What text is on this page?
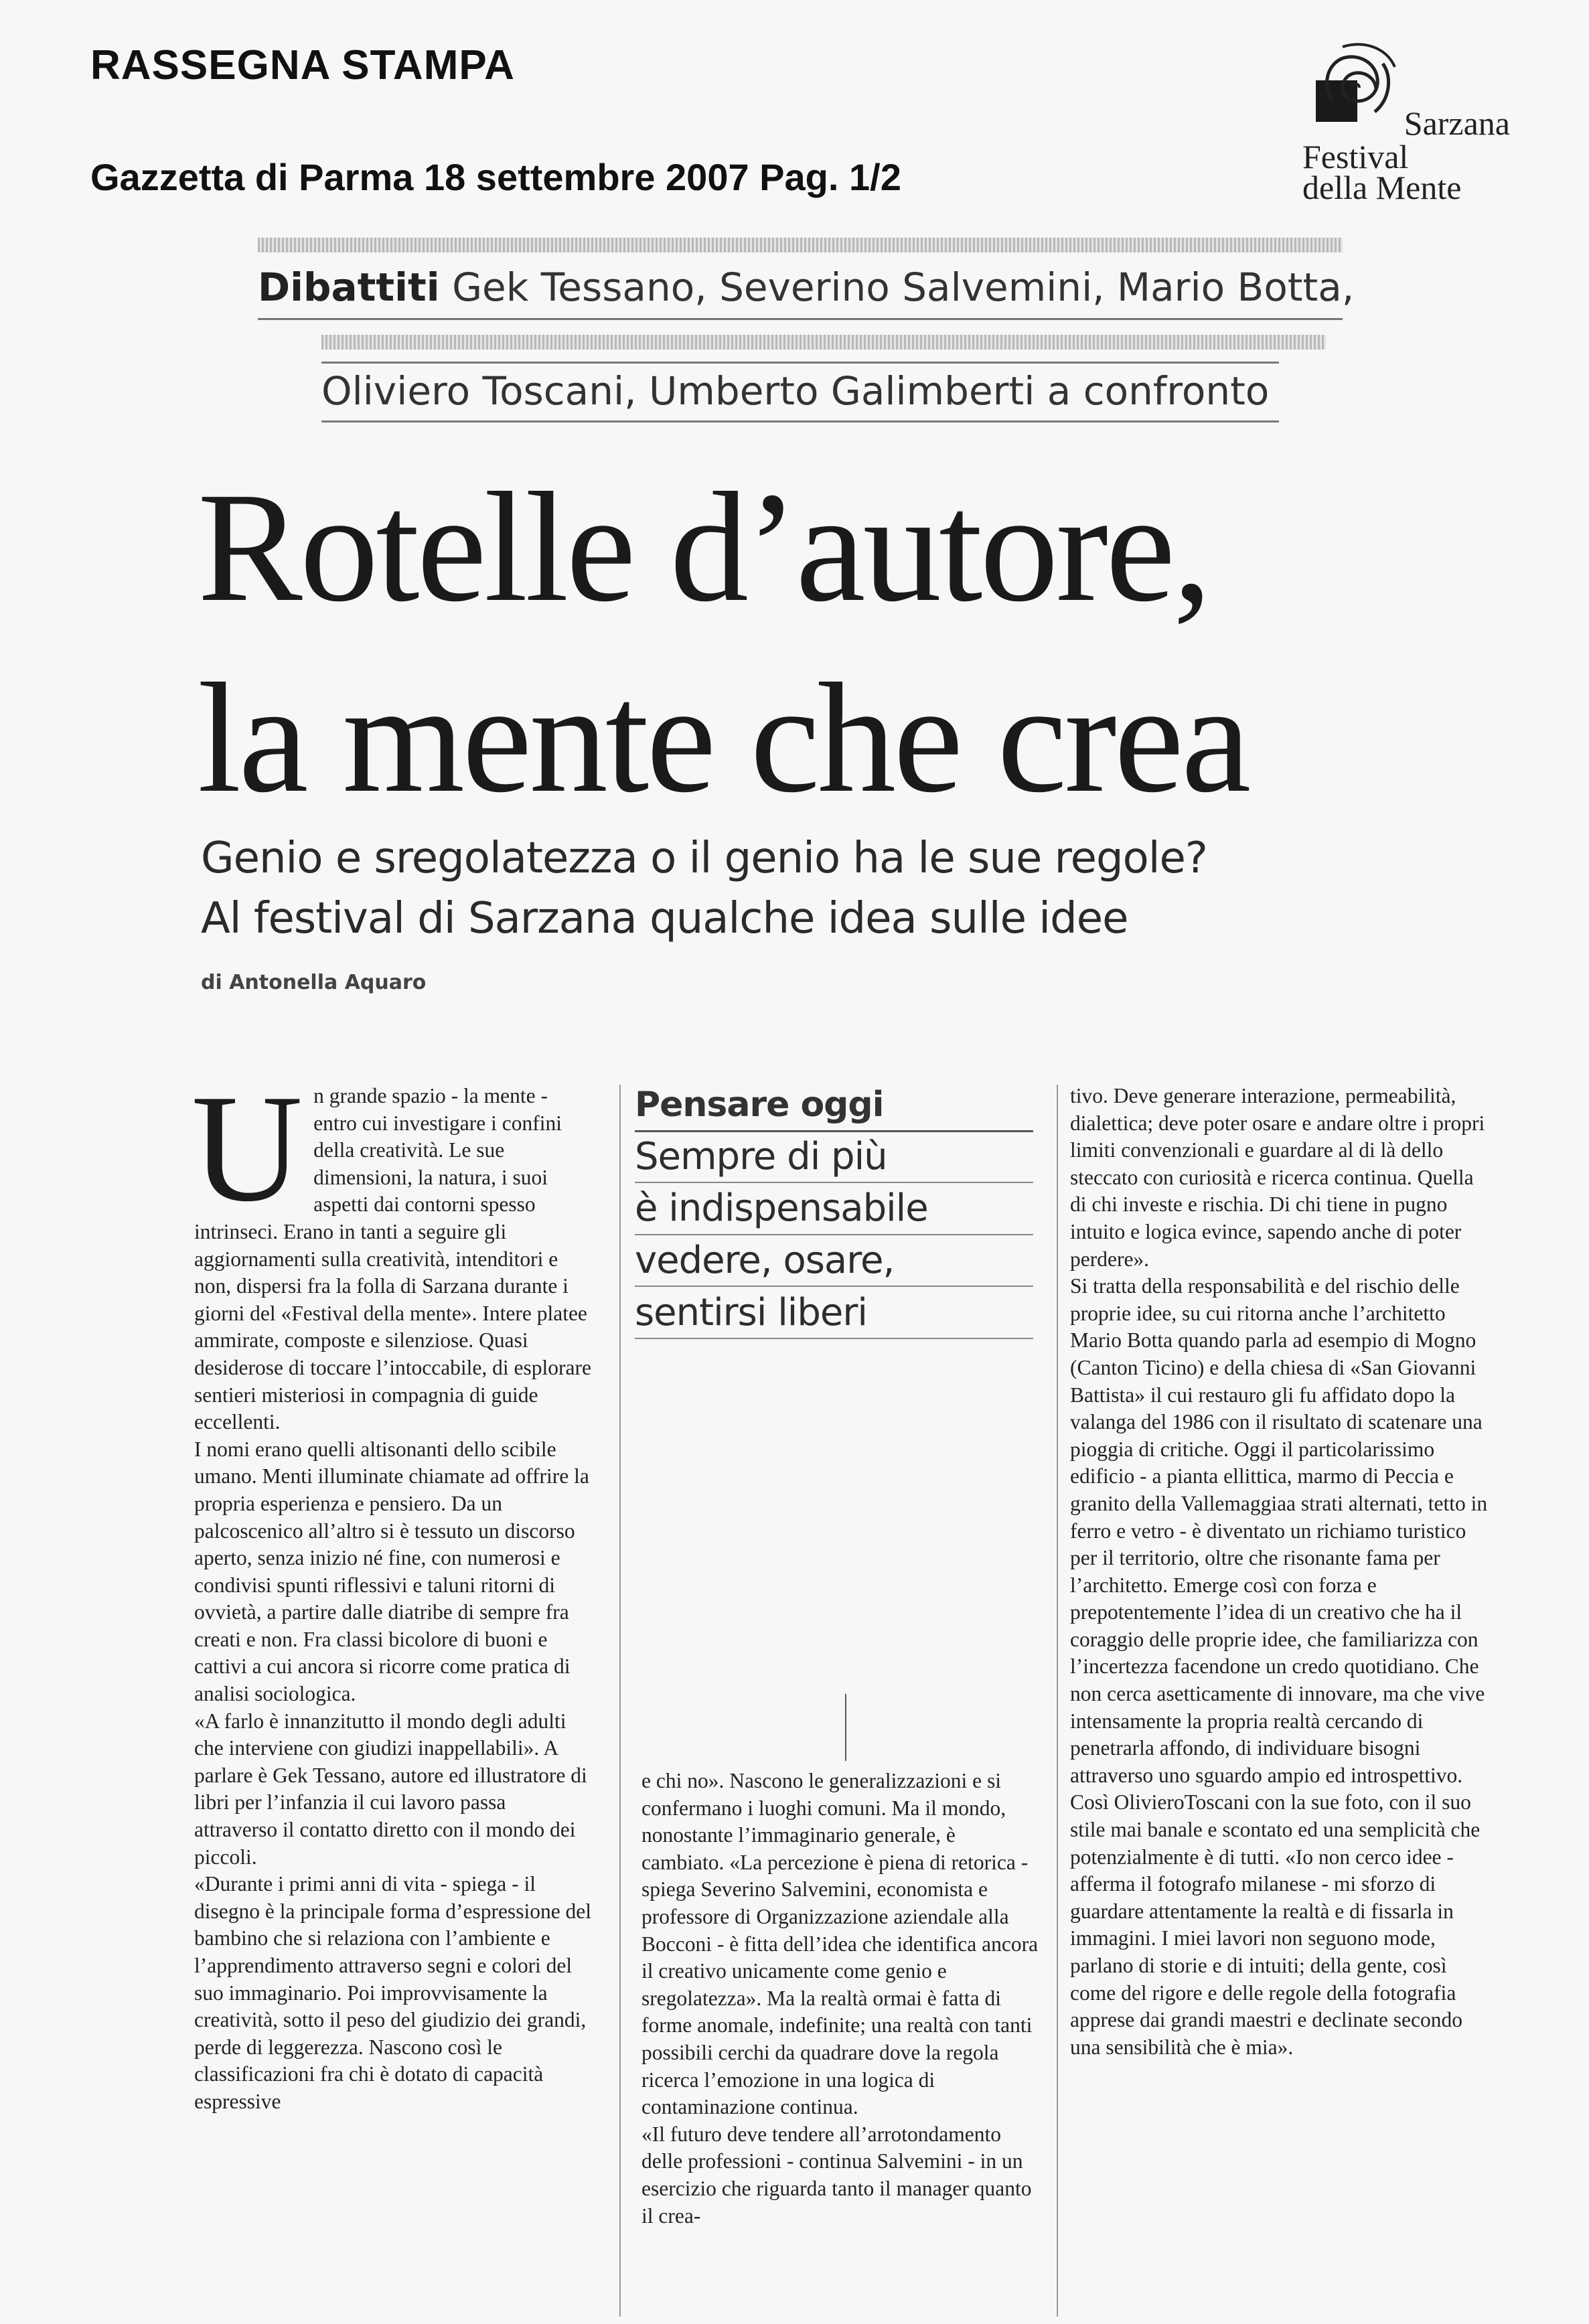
RASSEGNA STAMPA
Gazzetta di Parma 18 settembre 2007 Pag. 1/2
Sarzana
Festival
della Mente
Dibattiti Gek Tessano, Severino Salvemini, Mario Botta,
Oliviero Toscani, Umberto Galimberti a confronto
Rotelle d’autore,
la mente che crea
Genio e sregolatezza o il genio ha le sue regole?
Al festival di Sarzana qualche idea sulle idee
di Antonella Aquaro
U n grande spazio - la mente - entro cui investigare i confini della creatività. Le sue dimensioni, la natura, i suoi aspetti dai contorni spesso intrinseci. Erano in tanti a seguire gli aggiornamenti sulla creatività, intenditori e non, dispersi fra la folla di Sarzana durante i giorni del «Festival della mente». Intere platee ammirate, composte e silenziose. Quasi desiderose di toccare l’intoccabile, di esplorare sentieri misteriosi in compagnia di guide eccellenti.

I nomi erano quelli altisonanti dello scibile umano. Menti illuminate chiamate ad offrire la propria esperienza e pensiero. Da un palcoscenico all’altro si è tessuto un discorso aperto, senza inizio né fine, con numerosi e condivisi spunti riflessivi e taluni ritorni di ovvietà, a partire dalle diatribe di sempre fra creati e non. Fra classi bicolore di buoni e cattivi a cui ancora si ricorre come pratica di analisi sociologica.

«A farlo è innanzitutto il mondo degli adulti che interviene con giudizi inappellabili». A parlare è Gek Tessano, autore ed illustratore di libri per l’infanzia il cui lavoro passa attraverso il contatto diretto con il mondo dei piccoli.

«Durante i primi anni di vita - spiega - il disegno è la principale forma d’espressione del bambino che si relaziona con l’ambiente e l’apprendimento attraverso segni e colori del suo immaginario. Poi improvvisamente la creatività, sotto il peso del giudizio dei grandi, perde di leggerezza. Nascono così le classificazioni fra chi è dotato di capacità espressive

Pensare oggi
Sempre di più
è indispensabile
vedere, osare,
sentirsi liberi

e chi no». Nascono le generalizzazioni e si confermano i luoghi comuni. Ma il mondo, nonostante l’immaginario generale, è cambiato. «La percezione è piena di retorica - spiega Severino Salvemini, economista e professore di Organizzazione aziendale alla Bocconi - è fitta dell’idea che identifica ancora il creativo unicamente come genio e sregolatezza». Ma la realtà ormai è fatta di forme anomale, indefinite; una realtà con tanti possibili cerchi da quadrare dove la regola ricerca l’emozione in una logica di contaminazione continua.

«Il futuro deve tendere all’arrotondamento delle professioni - continua Salvemini - in un esercizio che riguarda tanto il manager quanto il crea-

tivo. Deve generare interazione, permeabilità, dialettica; deve poter osare e andare oltre i propri limiti convenzionali e guardare al di là dello steccato con curiosità e ricerca continua. Quella di chi investe e rischia. Di chi tiene in pugno intuito e logica evince, sapendo anche di poter perdere».

Si tratta della responsabilità e del rischio delle proprie idee, su cui ritorna anche l’architetto Mario Botta quando parla ad esempio di Mogno (Canton Ticino) e della chiesa di «San Giovanni Battista» il cui restauro gli fu affidato dopo la valanga del 1986 con il risultato di scatenare una pioggia di critiche. Oggi il particolarissimo edificio - a pianta ellittica, marmo di Peccia e granito della Vallemaggiaa strati alternati, tetto in ferro e vetro - è diventato un richiamo turistico per il territorio, oltre che risonante fama per l’architetto. Emerge così con forza e prepotentemente l’idea di un creativo che ha il coraggio delle proprie idee, che familiarizza con l’incertezza facendone un credo quotidiano. Che non cerca asetticamente di innovare, ma che vive intensamente la propria realtà cercando di penetrarla affondo, di individuare bisogni attraverso uno sguardo ampio ed introspettivo. Così OlivieroToscani con la sue foto, con il suo stile mai banale e scontato ed una semplicità che potenzialmente è di tutti. «Io non cerco idee - afferma il fotografo milanese - mi sforzo di guardare attentamente la realtà e di fissarla in immagini. I miei lavori non seguono mode, parlano di storie e di intuiti; della gente, così come del rigore e delle regole della fotografia apprese dai grandi maestri e declinate secondo una sensibilità che è mia».
